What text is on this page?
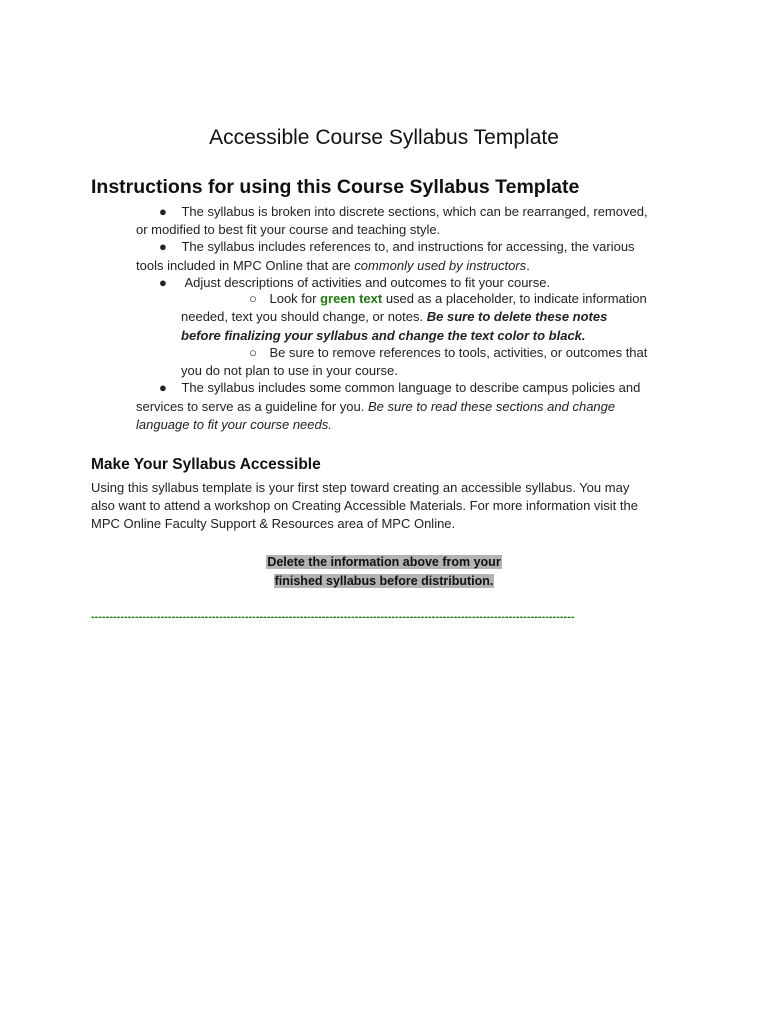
Accessible Course Syllabus Template
Instructions for using this Course Syllabus Template
● The syllabus is broken into discrete sections, which can be rearranged, removed,
or modified to best fit your course and teaching style.
● The syllabus includes references to, and instructions for accessing, the various
tools included in MPC Online that are commonly used by instructors.
● Adjust descriptions of activities and outcomes to fit your course.
○ Look for green text used as a placeholder, to indicate information
needed, text you should change, or notes. Be sure to delete these notes
before finalizing your syllabus and change the text color to black.
○ Be sure to remove references to tools, activities, or outcomes that
you do not plan to use in your course.
● The syllabus includes some common language to describe campus policies and
services to serve as a guideline for you. Be sure to read these sections and change
language to fit your course needs.
Make Your Syllabus Accessible
Using this syllabus template is your first step toward creating an accessible syllabus. You may
also want to attend a workshop on Creating Accessible Materials. For more information visit the
MPC Online Faculty Support & Resources area of MPC Online.
Delete the information above from your
finished syllabus before distribution.
------------------------------------------------------------------------------------------------------------------------------------
